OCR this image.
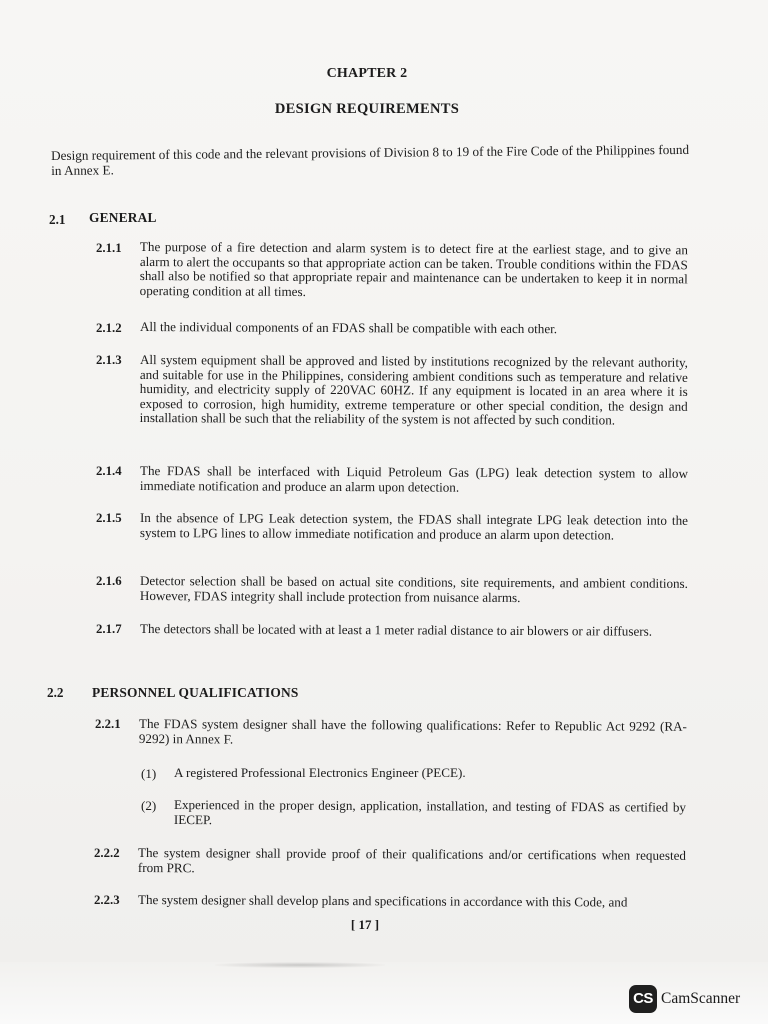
CHAPTER 2
DESIGN REQUIREMENTS
Design requirement of this code and the relevant provisions of Division 8 to 19 of the Fire Code of the Philippines found in Annex E.
2.1 GENERAL
2.1.1 The purpose of a fire detection and alarm system is to detect fire at the earliest stage, and to give an alarm to alert the occupants so that appropriate action can be taken. Trouble conditions within the FDAS shall also be notified so that appropriate repair and maintenance can be undertaken to keep it in normal operating condition at all times.
2.1.2 All the individual components of an FDAS shall be compatible with each other.
2.1.3 All system equipment shall be approved and listed by institutions recognized by the relevant authority, and suitable for use in the Philippines, considering ambient conditions such as temperature and relative humidity, and electricity supply of 220VAC 60HZ. If any equipment is located in an area where it is exposed to corrosion, high humidity, extreme temperature or other special condition, the design and installation shall be such that the reliability of the system is not affected by such condition.
2.1.4 The FDAS shall be interfaced with Liquid Petroleum Gas (LPG) leak detection system to allow immediate notification and produce an alarm upon detection.
2.1.5 In the absence of LPG Leak detection system, the FDAS shall integrate LPG leak detection into the system to LPG lines to allow immediate notification and produce an alarm upon detection.
2.1.6 Detector selection shall be based on actual site conditions, site requirements, and ambient conditions. However, FDAS integrity shall include protection from nuisance alarms.
2.1.7 The detectors shall be located with at least a 1 meter radial distance to air blowers or air diffusers.
2.2 PERSONNEL QUALIFICATIONS
2.2.1 The FDAS system designer shall have the following qualifications: Refer to Republic Act 9292 (RA-9292) in Annex F.
(1) A registered Professional Electronics Engineer (PECE).
(2) Experienced in the proper design, application, installation, and testing of FDAS as certified by IECEP.
2.2.2 The system designer shall provide proof of their qualifications and/or certifications when requested from PRC.
2.2.3 The system designer shall develop plans and specifications in accordance with this Code, and
[ 17 ]
CS CamScanner
